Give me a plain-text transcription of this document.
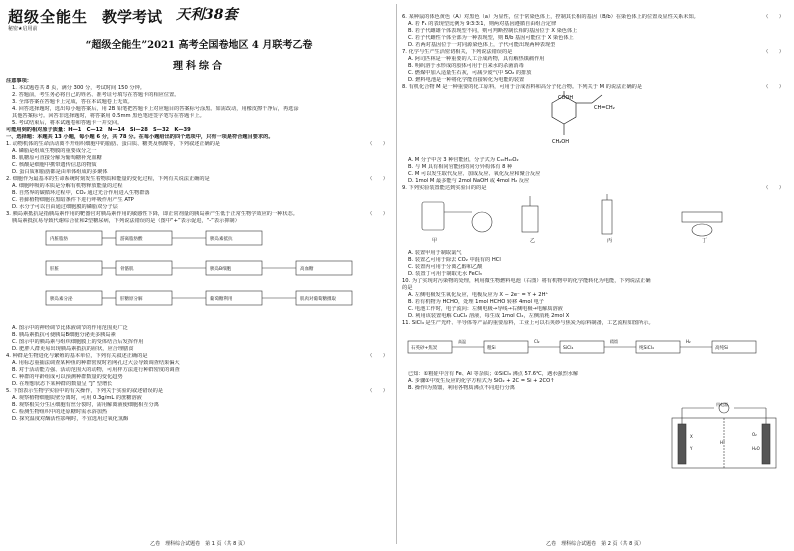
超级全能生 教学考试 天利38套
秘密★启用前
“超级全能生”2021 高考全国卷地区 4 月联考乙卷
理科综合
注意事项：
1. 本试题卷共 8 页，满分 300 分，考试时间 150 分钟。
2. 答题前，考生务必将自己的姓名、准考证号填写在答题卡的相应位置。
3. 全部答案在答题卡上完成，答在本试题卷上无效。
4. 回答选择题时，选出每小题答案后，用 2B 铅笔把答题卡上对应题目的答案标号涂黑。如需改动，用橡皮擦干净后，再选涂
其他答案标号。回答非选择题时，将答案用 0.5mm 黑色笔迹签字笔写在答题卡上。
5. 考试结束后，将本试题卷和答题卡一并交回。
可能用到的相对原子质量：H—1　C—12　N—14　Si—28　S—32　K—39
一、选择题：本题共 13 小题，每小题 6 分，共 78 分。在每小题给出的四个选项中，只有一项是符合题目要求的。
1. 动物机体的生命活动离不开组织细胞中的脂肪、蛋白质、糖类及核酸等，下列叙述正确的是	（　　）
A. 磷脂是组成生物膜的重要成分之一
B. 肌糖原可直接分解为葡萄糖补充血糖
C. 核酸是细胞中携带遗传信息的物质
D. 蛋白质和脂肪都是由单体组成的多聚体
2. 细胞作为最基本的生命系统时刻发生着物质和能量的变化过程，下列有关说法正确的是	（　　）
A. 细胞呼吸的本质是分解有机物释放能量的过程
B. 自然界的碳循环过程中，CO₂ 通过光合作用进入生物群落
C. 苔藓植物细胞在黑暗条件下进行呼吸作用产生 ATP
D. 水分子可以自由通过细胞膜的磷脂双分子层
3. 胰岛素抵抗是指胰岛素作用的靶器官对胰岛素作用的敏感性下降，即正常剂量的胰岛素产生低于正常生物学效应的一种状态。	（　　）
胰岛素抵抗易导致代谢综合征和2型糖尿病，下列说法错误的是（图中“+”表示促进，“-”表示抑制）
内脏脂肪	游离脂肪酸	胰岛素抵抗
肝脏	骨骼肌	胰岛B细胞	高血糖
胰岛素分泌	肝糖原分解	葡萄糖利用	肌肉对葡萄糖摄取
A. 图示中的神经调节比体液调节的作用范围更广泛
B. 胰岛素抵抗可使胰岛B细胞分泌更多胰岛素
C. 图示中的胰岛素与组织细胞膜上的受体结合后发挥作用
D. 肥胖人群更易出现胰岛素抵抗的症状，应合理膳食
4. 种群是生物进化与繁殖的基本单位，下列有关叙述正确的是	（　　）
A. 用标志重捕法调查某种鱼的种群密度时若网孔过大会导致调查结果偏大
B. 对于活动能力强、活动范围大的动物，可用样方法进行种群密度的调查
C. 种群的年龄组成可以预测种群数量的变化趋势
D. 在理想状态下某种群的数量呈 “J” 型增长
5. 下图表示生物学实验中的有关操作，下列关于实验的叙述错误的是	（　　）
A. 观察植物细胞质壁分离时，可用 0.3g/mL 的蔗糖溶液
B. 观察根尖分生区细胞有丝分裂时，需用解离液使细胞相互分离
C. 检测生物组织中的还原糖时需水浴加热
D. 探究温度对酶活性影响时，不宜选用过氧化氢酶
乙卷　理科综合试题卷　第 1 页（共 8 页）
6. 某种鼠的体色黄色（A）对黑色（a）为显性，位于常染色体上，控制其长相的基因（B/b）在染色体上的位置及显性关系未知。	（　　）
A. 若 F₁ 的表现型比例为 9∶3∶3∶1，则两对基因遵循自由组合定律
B. 若子代雌雄个体表现型不同，则可判断控制长相的基因位于 X 染色体上
C. 若子代雌性个体全部为一种表现型，则 B/b 基因可能位于 X 染色体上
D. 若两对基因位于一对同源染色体上，子代可能出现两种表现型
7. 化学与生产生活密切相关，下列说法错误的是	（　　）
A. 阿司匹林是一种重要的人工合成药物，具有解热镇痛作用
B. 明矾溶于水形成的胶体可用于自来水的杀菌消毒
C. 燃煤中加入适量生石灰，可减少废气中 SO₂ 的排放
D. 燃料电池是一种将化学能直接转化为电能的装置
8. 有机化合物 M 是一种重要的化工原料，可用于合成香料和高分子化合物。下列关于 M 的说法正确的是	（　　）
COOH
CH=CH₂
CH₂OH
A. M 分子中含 3 种官能团，分子式为 C₁₀H₁₀O₂
B. 与 M 具有相同官能团的同分异构体有 8 种
C. M 可以发生取代反应、加成反应、氧化反应和聚合反应
D. 1mol M 最多能与 2mol NaOH 或 4mol H₂ 反应
9. 下列实验装置能达到实验目的的是	（　　）
甲	乙	丙	丁
A. 装置甲用于制取氯气
B. 装置乙可用于除去 CO₂ 中混有的 HCl
C. 装置丙可用于分离乙醇和乙酸
D. 装置丁可用于制取无水 FeCl₃
10. 为了实现对污染物的处理，利用微生物燃料电池（右图）将有机物中的化学能转化为电能，下列说法正确的是
A. 左侧电极发生氧化反应，电极反应为 X − 2e⁻ = Y + 2H⁺
B. 若有机物为 HCHO，处理 1mol HCHO 转移 4mol 电子
C. 电池工作时，电子流向：左侧电极→导线→右侧电极→电解质溶液
D. 利用该装置电解 CuCl₂ 溶液，每生成 1mol Cl₂，左侧消耗 2mol X
用电器
X
Y
H⁺
O₂
H₂O
11. SiCl₄ 是生产光纤、半导体等产品的重要原料，工业上可以石英砂与焦炭为原料制备，工艺流程如图所示。
石英砂+焦炭
高温
粗Si
Cl₂
SiCl₄
精馏
纯SiCl₄
H₂
高纯Si
已知：①粗硅中含有 Fe、Al 等杂质；②SiCl₄ 沸点 57.6℃，遇水强烈水解
A. 步骤①中发生反应的化学方程式为 SiO₂ + 2C = Si + 2CO↑
B. 操作Ⅰ为蒸馏，利用各物质沸点不同进行分离
乙卷　理科综合试题卷　第 2 页（共 8 页）
